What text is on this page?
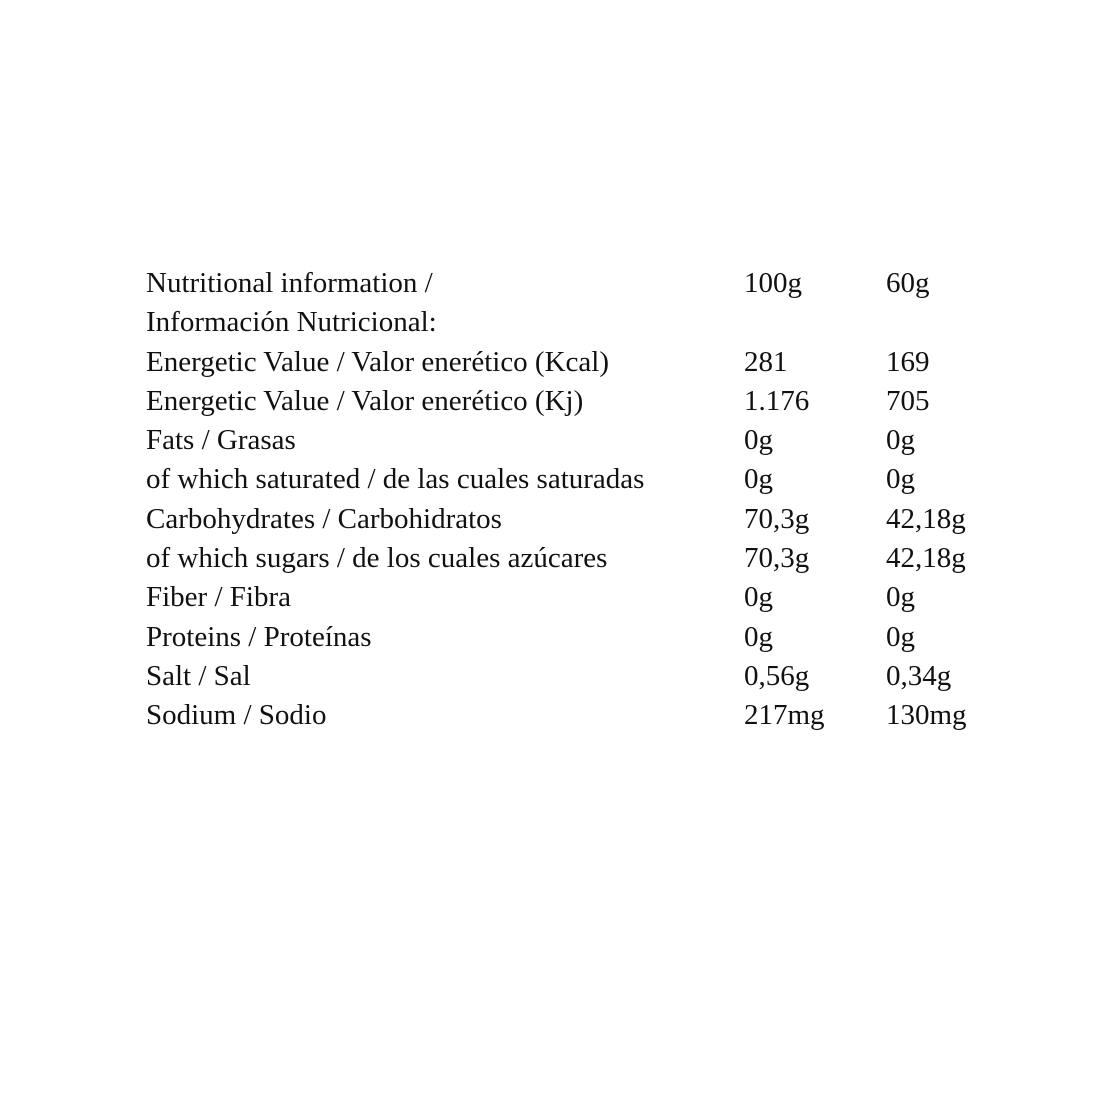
Nutritional information /	100g	60g
Información Nutricional:
Energetic Value / Valor enerético (Kcal)	281	169
Energetic Value / Valor enerético (Kj)	1.176	705
Fats / Grasas	0g	0g
of which saturated / de las cuales saturadas	0g	0g
Carbohydrates / Carbohidratos	70,3g	42,18g
of which sugars / de los cuales azúcares	70,3g	42,18g
Fiber / Fibra	0g	0g
Proteins / Proteínas	0g	0g
Salt / Sal	0,56g	0,34g
Sodium / Sodio	217mg 130mg
